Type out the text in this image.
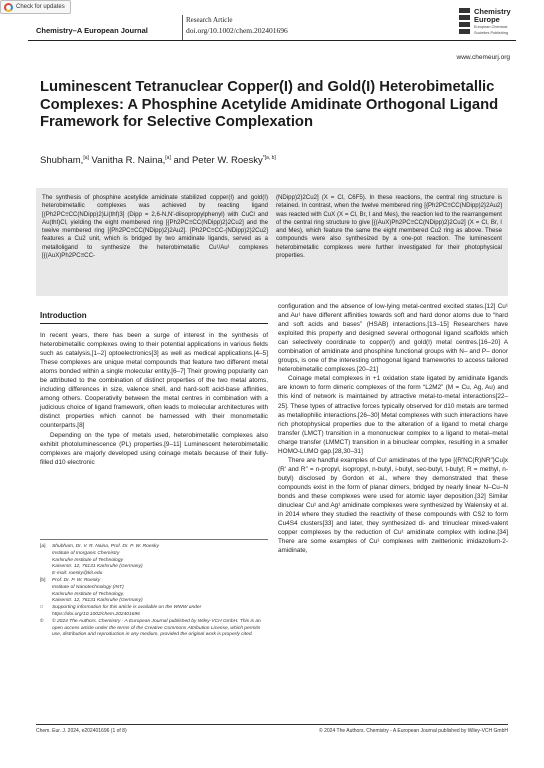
Check for updates
Chemistry–A European Journal
Research Article
doi.org/10.1002/chem.202401696
Chemistry
Europe
European Chemical
Societies Publishing
www.chemeurj.org
Luminescent Tetranuclear Copper(I) and Gold(I) Heterobimetallic Complexes: A Phosphine Acetylide Amidinate Orthogonal Ligand Framework for Selective Complexation
Shubham,[a] Vanitha R. Naina,[a] and Peter W. Roesky$^{*[a, b]}$
The synthesis of phosphine acetylide amidinate stabilized copper(I) and gold(I) heterobimetallic complexes was achieved by reacting ligand [(Ph2PC≡CC(NDipp)2)Li(thf)3] (Dipp = 2,6-N,N′-diisopropylphenyl) with CuCl and Au(tht)Cl, yielding the eight membered ring [{Ph2PC≡CC(NDipp)2}2Cu2] and the twelve membered ring [{Ph2PC≡CC(NDipp)2}2Au2]. [Ph2PC≡CC-(NDipp)2}2Cu2] features a Cu2 unit, which is bridged by two amidinate ligands, served as a metalloligand to synthesize the heterobimetallic Cu¹/Au¹ complexes [{(AuX)Ph2PC≡CC-
(NDipp)2}2Cu2] (X = Cl, C6F5). In these reactions, the central ring structure is retained. In contrast, when the twelve membered ring [{Ph2PC≡CC(NDipp)2}2Au2] was reacted with CuX (X = Cl, Br, I and Mes), the reaction led to the rearrangement of the central ring structure to give [{(AuX)Ph2PC≡CC(NDipp)2}2Cu2] (X = Cl, Br, I and Mes), which feature the same the eight membered Cu2 ring as above. These compounds were also synthesized by a one-pot reaction. The luminescent heterobimetallic complexes were further investigated for their photophysical properties.
Introduction

In recent years, there has been a surge of interest in the synthesis of heterobimetallic complexes owing to their potential applications in various fields such as catalysis,[1–2] optoelectronics[3] as well as medical applications.[4–5] These complexes are unique metal compounds that feature two different metal atoms bonded within a single molecular entity.[6–7] Their growing popularity can be attributed to the combination of distinct properties of the two metal atoms, including differences in size, valence shell, and hard-soft acid-base affinities, among others. Cooperativity between the metal centres in combination with a judicious choice of ligand framework, often leads to molecular architectures with distinct properties which cannot be harnessed with their monometallic counterparts.[8]

Depending on the type of metals used, heterobimetallic complexes also exhibit photoluminescence (PL) properties.[9–11] Luminescent heterobimetallic complexes are majorly developed using coinage metals because of their fully-filled d10 electronic

configuration and the absence of low-lying metal-centred excited states.[12] Cu¹ and Au¹ have different affinities towards soft and hard donor atoms due to “hard and soft acids and bases” (HSAB) interactions.[13–15] Researchers have exploited this property and designed several orthogonal ligand scaffolds which can selectively coordinate to copper(I) and gold(I) metal centres.[16–20] A combination of amidinate and phosphine functional groups with N– and P– donor groups, is one of the interesting orthogonal ligand frameworks to access tailored heterobimetallic complexes.[20–21]

Coinage metal complexes in +1 oxidation state ligated by amidinate ligands are known to form dimeric complexes of the form “L2M2” (M = Cu, Ag, Au) and this kind of network is maintained by attractive metal-to-metal interactions[22–25]. These types of attractive forces typically observed for d10 metals are termed as metallophilic interactions.[26–30] Metal complexes with such interactions have rich photophysical properties due to the alteration of a ligand to metal charge transfer (LMCT) transition in a mononuclear complex to a ligand to metal–metal charge transfer (LMMCT) transition in a binuclear complex, resulting in a smaller HOMO-LUMO gap.[28,30–31]

There are handful examples of Cu¹ amidinates of the type [{R′NC(R)NR″}Cu]x (R′ and R″ = n-propyl, isopropyl, n-butyl, i-butyl, sec-butyl, t-butyl; R = methyl, n-butyl) disclosed by Gordon et al., where they demonstrated that these compounds exist in the form of planar dimers, bridged by nearly linear N–Cu–N bonds and these complexes were used for atomic layer deposition.[32] Similar dinuclear Cu¹ and Ag¹ amidinate complexes were synthesized by Walensky et al. in 2014 where they studied the reactivity of these compounds with CS2 to form Cu4S4 clusters[33] and later, they synthesized di- and trinuclear mixed-valent copper complexes by the reduction of Cu¹ amidinate complex with iodine.[34] There are some examples of Cu¹ complexes with zwitterionic imidazolium-2-amidinate,

[a]	Shubham, Dr. V. R. Naina, Prof. Dr. P. W. Roesky
Institute of Inorganic Chemistry
Karlsruhe Institute of Technology
Kaiserstr. 12, 76131 Karlsruhe (Germany)
E-mail: roesky@kit.edu
[b]	Prof. Dr. P. W. Roesky
Institute of Nanotechnology (INT)
Karlsruhe Institute of Technology,
Kaiserstr. 12, 76131 Karlsruhe (Germany)
□	Supporting information for this article is available on the WWW under https://doi.org/10.1002/chem.202401696
©	© 2024 The Authors. Chemistry - A European Journal published by Wiley-VCH GmbH. This is an open access article under the terms of the Creative Commons Attribution License, which permits use, distribution and reproduction in any medium, provided the original work is properly cited.
Chem. Eur. J. 2024, e202401696 (1 of 8)	© 2024 The Authors. Chemistry - A European Journal published by Wiley-VCH GmbH
